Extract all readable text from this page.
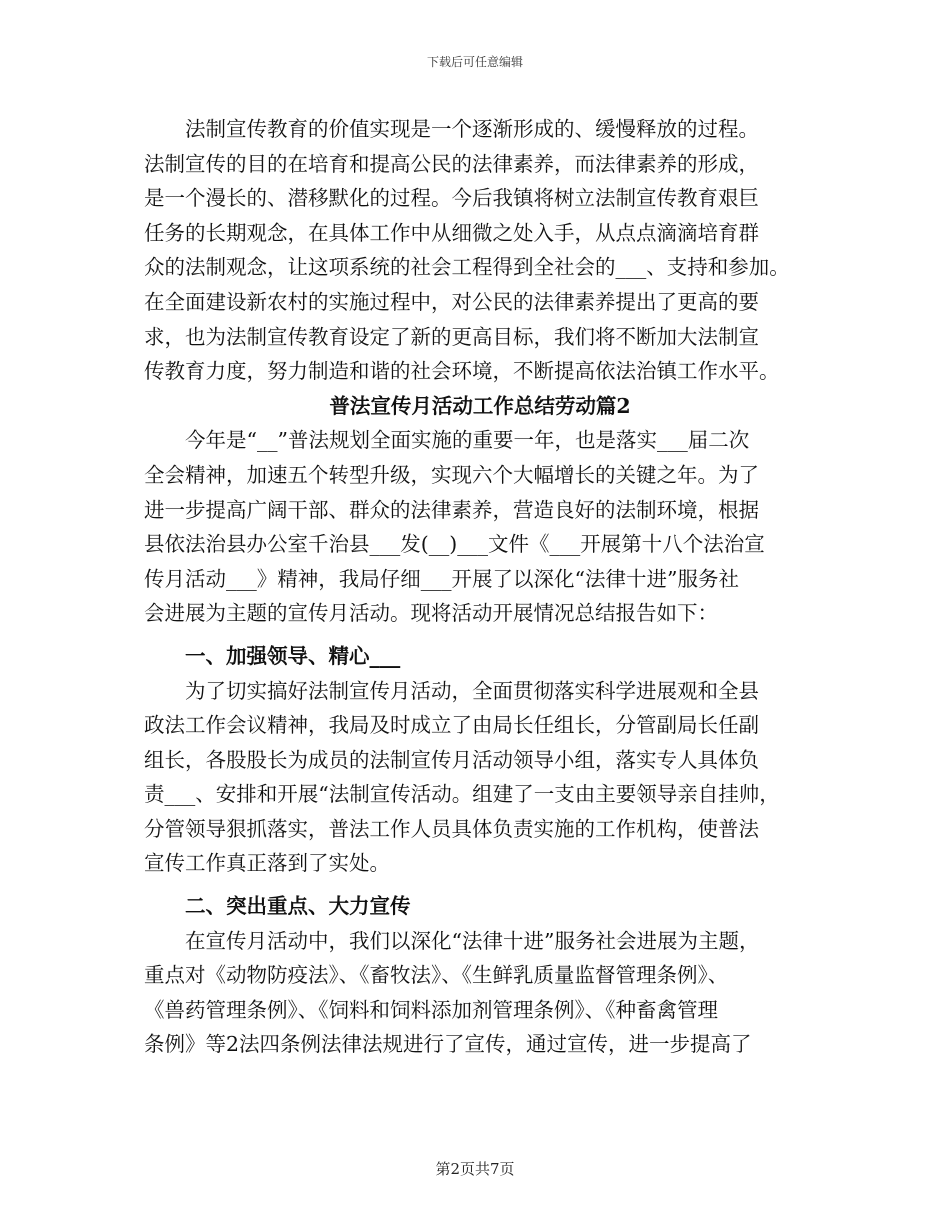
下载后可任意编辑
法制宣传教育的价值实现是一个逐渐形成的、缓慢释放的过程。
法制宣传的目的在培育和提高公民的法律素养，而法律素养的形成，
是一个漫长的、潜移默化的过程。今后我镇将树立法制宣传教育艰巨
任务的长期观念，在具体工作中从细微之处入手，从点点滴滴培育群
众的法制观念，让这项系统的社会工程得到全社会的___、支持和参加。
在全面建设新农村的实施过程中，对公民的法律素养提出了更高的要
求，也为法制宣传教育设定了新的更高目标，我们将不断加大法制宣
传教育力度，努力制造和谐的社会环境，不断提高依法治镇工作水平。
普法宣传月活动工作总结劳动篇2
今年是“__”普法规划全面实施的重要一年，也是落实___届二次
全会精神，加速五个转型升级，实现六个大幅增长的关键之年。为了
进一步提高广阔干部、群众的法律素养，营造良好的法制环境，根据
县依法治县办公室千治县___发(__)___文件《___开展第十八个法治宣
传月活动___》精神，我局仔细___开展了以深化“法律十进”服务社
会进展为主题的宣传月活动。现将活动开展情况总结报告如下：
一、加强领导、精心___
为了切实搞好法制宣传月活动，全面贯彻落实科学进展观和全县
政法工作会议精神，我局及时成立了由局长任组长，分管副局长任副
组长，各股股长为成员的法制宣传月活动领导小组，落实专人具体负
责___、安排和开展“法制宣传活动。组建了一支由主要领导亲自挂帅，
分管领导狠抓落实，普法工作人员具体负责实施的工作机构，使普法
宣传工作真正落到了实处。
二、突出重点、大力宣传
在宣传月活动中，我们以深化“法律十进”服务社会进展为主题，
重点对《动物防疫法》、《畜牧法》、《生鲜乳质量监督管理条例》、
《兽药管理条例》、《饲料和饲料添加剂管理条例》、《种畜禽管理
条例》等2法四条例法律法规进行了宣传，通过宣传，进一步提高了
第2页共7页
